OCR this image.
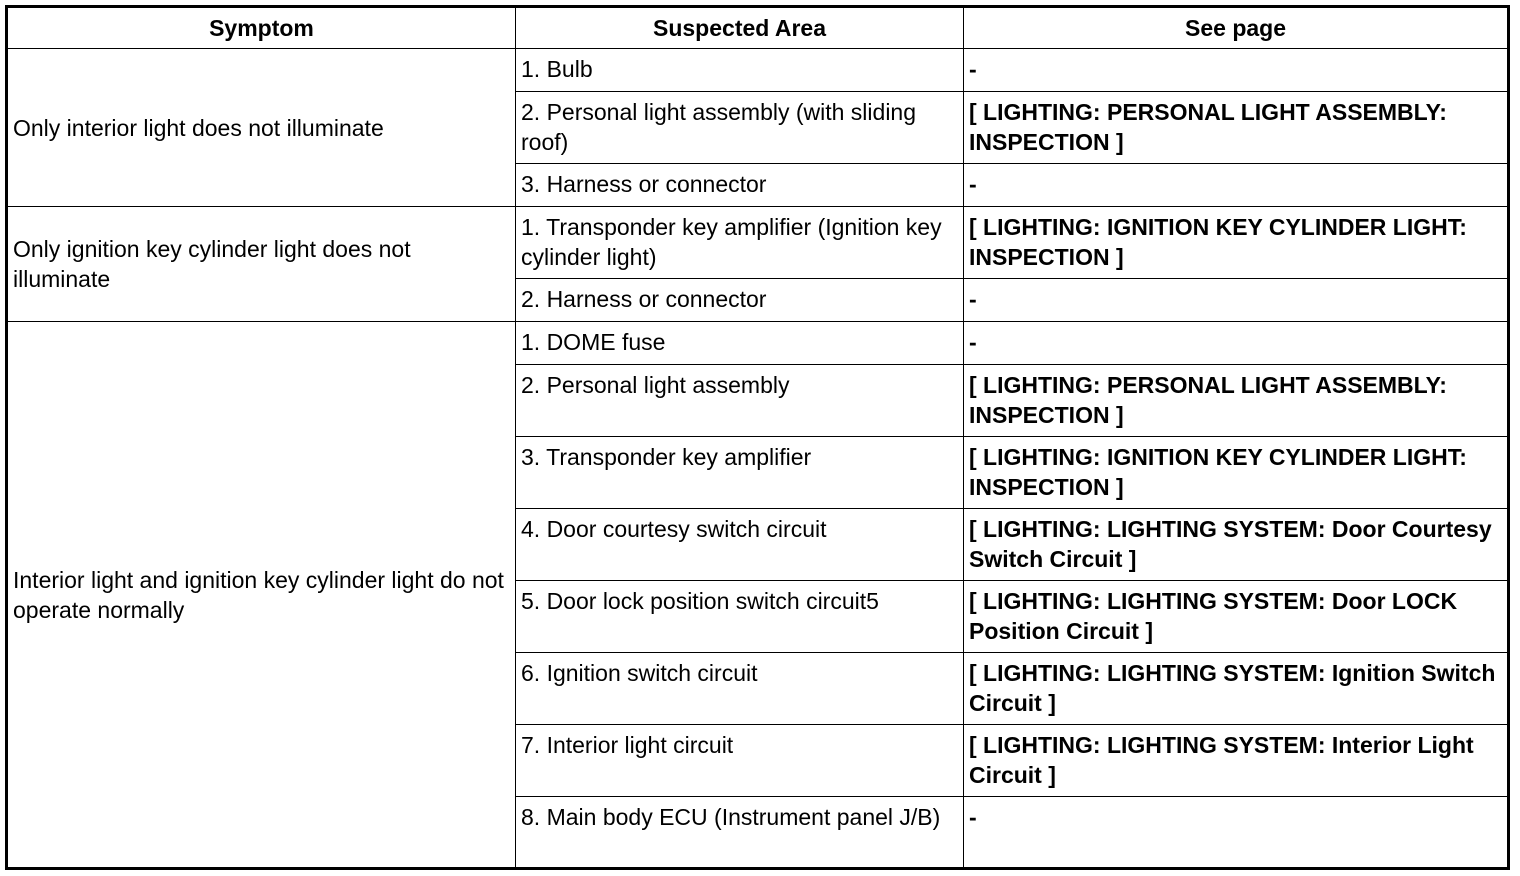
Symptom	Suspected Area	See page
Only interior light does not illuminate	1. Bulb	-
	2. Personal light assembly (with sliding roof)	[ LIGHTING: PERSONAL LIGHT ASSEMBLY: INSPECTION ]
	3. Harness or connector	-
Only ignition key cylinder light does not illuminate	1. Transponder key amplifier (Ignition key cylinder light)	[ LIGHTING: IGNITION KEY CYLINDER LIGHT: INSPECTION ]
	2. Harness or connector	-
Interior light and ignition key cylinder light do not operate normally	1. DOME fuse	-
	2. Personal light assembly	[ LIGHTING: PERSONAL LIGHT ASSEMBLY: INSPECTION ]
	3. Transponder key amplifier	[ LIGHTING: IGNITION KEY CYLINDER LIGHT: INSPECTION ]
	4. Door courtesy switch circuit	[ LIGHTING: LIGHTING SYSTEM: Door Courtesy Switch Circuit ]
	5. Door lock position switch circuit5	[ LIGHTING: LIGHTING SYSTEM: Door LOCK Position Circuit ]
	6. Ignition switch circuit	[ LIGHTING: LIGHTING SYSTEM: Ignition Switch Circuit ]
	7. Interior light circuit	[ LIGHTING: LIGHTING SYSTEM: Interior Light Circuit ]
	8. Main body ECU (Instrument panel J/B)	-
